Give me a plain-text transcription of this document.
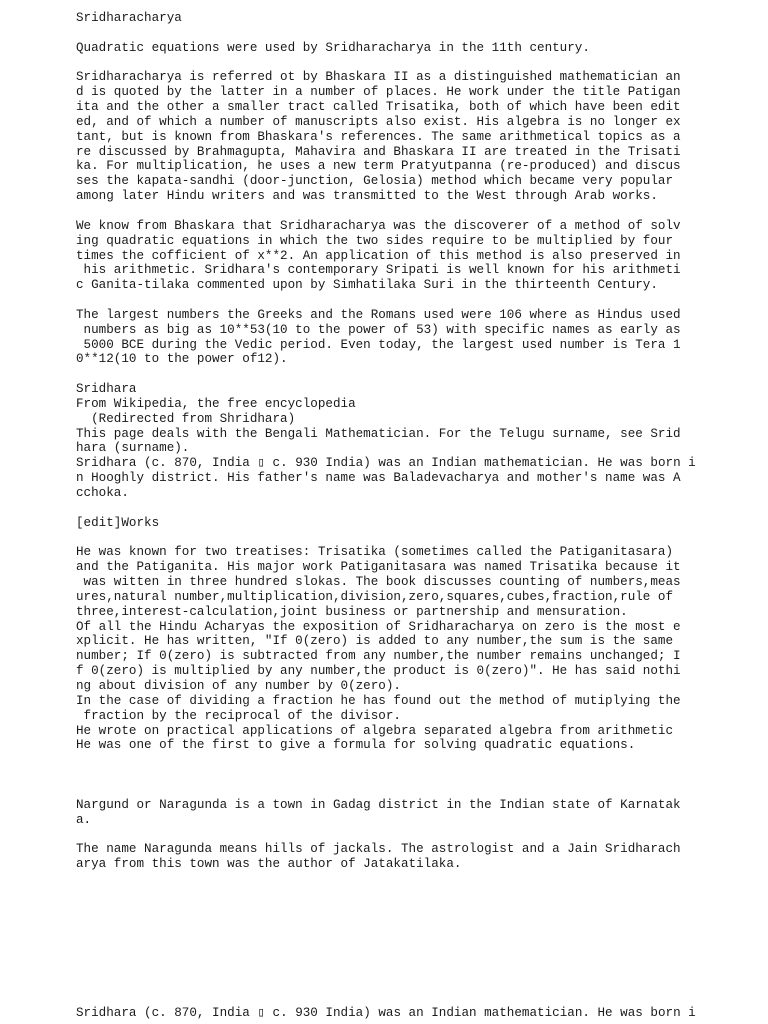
Sridharacharya
Quadratic equations were used by Sridharacharya in the 11th century.
Sridharacharya is referred ot by Bhaskara II as a distinguished mathematician an
d is quoted by the latter in a number of places. He work under the title Patigan
ita and the other a smaller tract called Trisatika, both of which have been edit
ed, and of which a number of manuscripts also exist. His algebra is no longer ex
tant, but is known from Bhaskara's references. The same arithmetical topics as a
re discussed by Brahmagupta, Mahavira and Bhaskara II are treated in the Trisati
ka. For multiplication, he uses a new term Pratyutpanna (re-produced) and discus
ses the kapata-sandhi (door-junction, Gelosia) method which became very popular
among later Hindu writers and was transmitted to the West through Arab works.
We know from Bhaskara that Sridharacharya was the discoverer of a method of solv
ing quadratic equations in which the two sides require to be multiplied by four
times the cofficient of x**2. An application of this method is also preserved in
his arithmetic. Sridhara's contemporary Sripati is well known for his arithmeti
c Ganita-tilaka commented upon by Simhatilaka Suri in the thirteenth Century.
The largest numbers the Greeks and the Romans used were 106 where as Hindus used
numbers as big as 10**53(10 to the power of 53) with specific names as early as
5000 BCE during the Vedic period. Even today, the largest used number is Tera 1
0**12(10 to the power of12).
Sridhara
From Wikipedia, the free encyclopedia
(Redirected from Shridhara)
This page deals with the Bengali Mathematician. For the Telugu surname, see Srid
hara (surname).
Sridhara (c. 870, India ▯ c. 930 India) was an Indian mathematician. He was born i
n Hooghly district. His father's name was Baladevacharya and mother's name was A
cchoka.
[edit]Works
He was known for two treatises: Trisatika (sometimes called the Patiganitasara)
and the Patiganita. His major work Patiganitasara was named Trisatika because it
was witten in three hundred slokas. The book discusses counting of numbers,meas
ures,natural number,multiplication,division,zero,squares,cubes,fraction,rule of
three,interest-calculation,joint business or partnership and mensuration.
Of all the Hindu Acharyas the exposition of Sridharacharya on zero is the most e
xplicit. He has written, "If 0(zero) is added to any number,the sum is the same
number; If 0(zero) is subtracted from any number,the number remains unchanged; I
f 0(zero) is multiplied by any number,the product is 0(zero)". He has said nothi
ng about division of any number by 0(zero).
In the case of dividing a fraction he has found out the method of mutiplying the
fraction by the reciprocal of the divisor.
He wrote on practical applications of algebra separated algebra from arithmetic
He was one of the first to give a formula for solving quadratic equations.
Nargund or Naragunda is a town in Gadag district in the Indian state of Karnatak
a.
The name Naragunda means hills of jackals. The astrologist and a Jain Sridharach
arya from this town was the author of Jatakatilaka.
Sridhara (c. 870, India ▯ c. 930 India) was an Indian mathematician. He was born i
